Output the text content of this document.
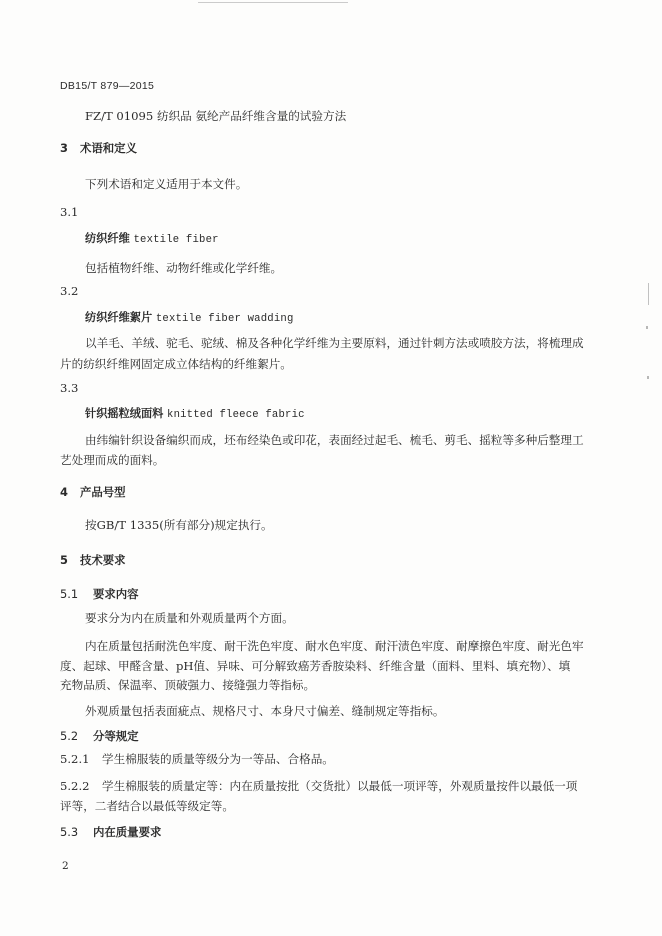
DB15/T 879—2015
FZ/T 01095 纺织品 氨纶产品纤维含量的试验方法
3 术语和定义
下列术语和定义适用于本文件。
3.1
纺织纤维 textile fiber
包括植物纤维、动物纤维或化学纤维。
3.2
纺织纤维絮片 textile fiber wadding
以羊毛、羊绒、驼毛、驼绒、棉及各种化学纤维为主要原料，通过针刺方法或喷胶方法，将梳理成
片的纺织纤维网固定成立体结构的纤维絮片。
3.3
针织摇粒绒面料 knitted fleece fabric
由纬编针织设备编织而成，坯布经染色或印花，表面经过起毛、梳毛、剪毛、摇粒等多种后整理工
艺处理而成的面料。
4 产品号型
按GB/T 1335(所有部分)规定执行。
5 技术要求
5.1 要求内容
要求分为内在质量和外观质量两个方面。
内在质量包括耐洗色牢度、耐干洗色牢度、耐水色牢度、耐汗渍色牢度、耐摩擦色牢度、耐光色牢
度、起球、甲醛含量、pH值、异味、可分解致癌芳香胺染料、纤维含量（面料、里料、填充物）、填
充物品质、保温率、顶破强力、接缝强力等指标。
外观质量包括表面疵点、规格尺寸、本身尺寸偏差、缝制规定等指标。
5.2 分等规定
5.2.1 学生棉服装的质量等级分为一等品、合格品。
5.2.2 学生棉服装的质量定等：内在质量按批（交货批）以最低一项评等，外观质量按件以最低一项
评等，二者结合以最低等级定等。
5.3 内在质量要求
2
